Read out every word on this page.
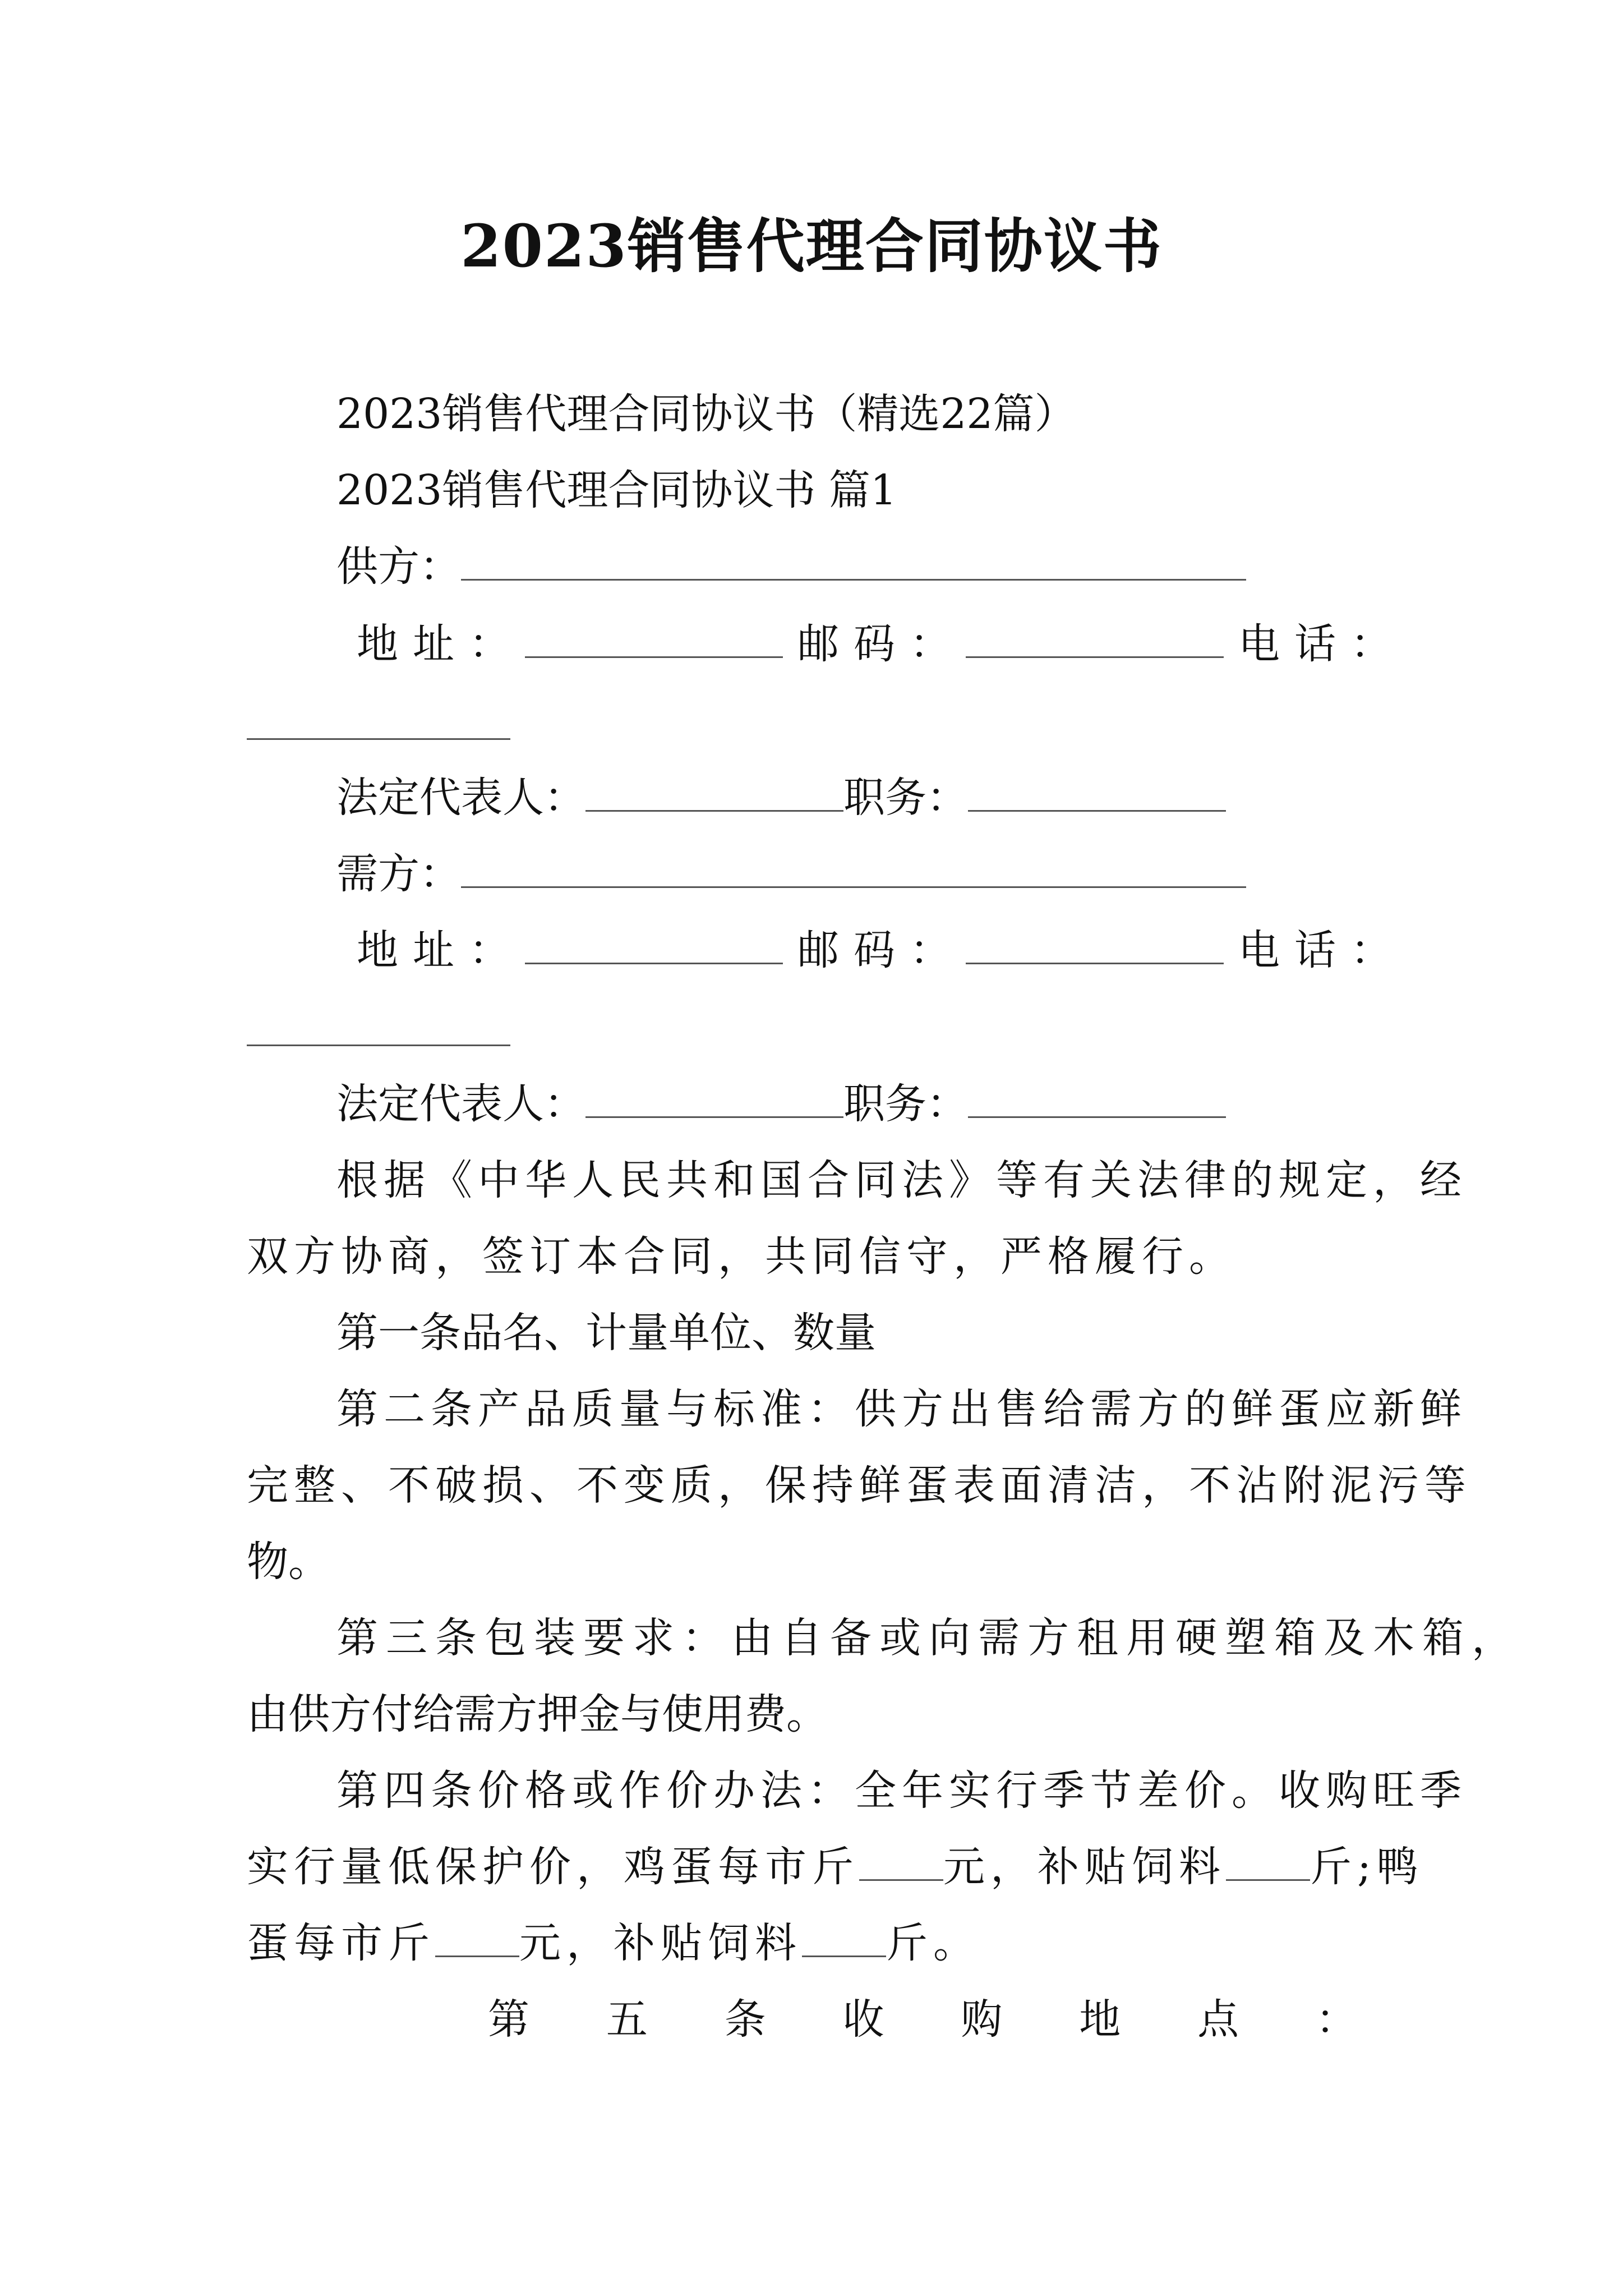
2023销售代理合同协议书
2023销售代理合同协议书（精选22篇）
2023销售代理合同协议书 篇1
供方：
地址：	邮码：	电话：
法定代表人：	职务：
需方：
地址：	邮码：	电话：
法定代表人：	职务：
根据《中华人民共和国合同法》等有关法律的规定，经
双方协商，签订本合同，共同信守，严格履行。
第一条品名、计量单位、数量
第二条产品质量与标准：供方出售给需方的鲜蛋应新鲜
完整、不破损、不变质，保持鲜蛋表面清洁，不沾附泥污等
物。
第三条包装要求：由自备或向需方租用硬塑箱及木箱，
由供方付给需方押金与使用费。
第四条价格或作价办法：全年实行季节差价。收购旺季
实行量低保护价，鸡蛋每市斤 元，补贴饲料 斤;鸭
蛋每市斤 元，补贴饲料 斤。
第 五 条 收 购 地 点 ：
